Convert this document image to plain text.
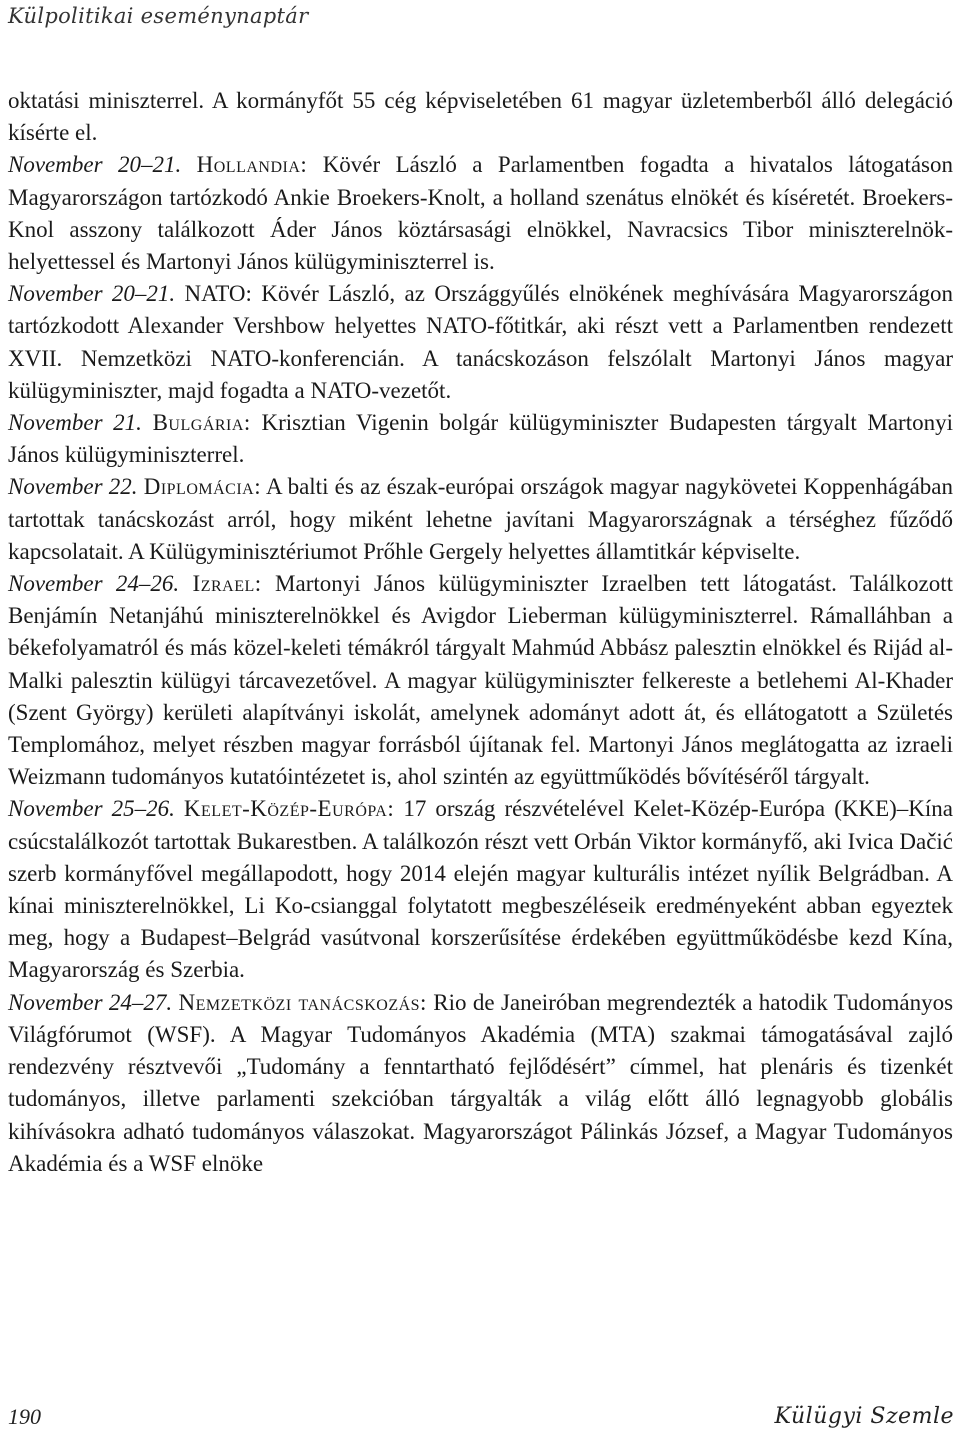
Külpolitikai eseménynaptár

oktatási miniszterrel. A kormányfőt 55 cég képviseletében 61 magyar üzletemberből álló delegáció kísérte el.

November 20–21. Hollandia: Kövér László a Parlamentben fogadta a hivatalos látogatáson Magyarországon tartózkodó Ankie Broekers-Knolt, a holland szenátus elnökét és kíséretét. Broekers-Knol asszony találkozott Áder János köztársasági elnökkel, Navracsics Tibor miniszterelnök-helyettessel és Martonyi János külügyminiszterrel is.

November 20–21. NATO: Kövér László, az Országgyűlés elnökének meghívására Magyarországon tartózkodott Alexander Vershbow helyettes NATO-főtitkár, aki részt vett a Parlamentben rendezett XVII. Nemzetközi NATO-konferencián. A tanácskozáson felszólalt Martonyi János magyar külügyminiszter, majd fogadta a NATO-vezetőt.

November 21. Bulgária: Krisztian Vigenin bolgár külügyminiszter Budapesten tárgyalt Martonyi János külügyminiszterrel.

November 22. Diplomácia: A balti és az észak-európai országok magyar nagykövetei Koppenhágában tartottak tanácskozást arról, hogy miként lehetne javítani Magyarországnak a térséghez fűződő kapcsolatait. A Külügyminisztériumot Prőhle Gergely helyettes államtitkár képviselte.

November 24–26. Izrael: Martonyi János külügyminiszter Izraelben tett látogatást. Találkozott Benjámín Netanjáhú miniszterelnökkel és Avigdor Lieberman külügyminiszterrel. Rámalláhban a békefolyamatról és más közel-keleti témákról tárgyalt Mahmúd Abbász palesztin elnökkel és Rijád al-Malki palesztin külügyi tárcavezetővel. A magyar külügyminiszter felkereste a betlehemi Al-Khader (Szent György) kerületi alapítványi iskolát, amelynek adományt adott át, és ellátogatott a Születés Templomához, melyet részben magyar forrásból újítanak fel. Martonyi János meglátogatta az izraeli Weizmann tudományos kutatóintézetet is, ahol szintén az együttműködés bővítéséről tárgyalt.

November 25–26. Kelet-Közép-Európa: 17 ország részvételével Kelet-Közép-Európa (KKE)–Kína csúcstalálkozót tartottak Bukarestben. A találkozón részt vett Orbán Viktor kormányfő, aki Ivica Dačić szerb kormányfővel megállapodott, hogy 2014 elején magyar kulturális intézet nyílik Belgrádban. A kínai miniszterelnökkel, Li Ko-csianggal folytatott megbeszéléseik eredményeként abban egyeztek meg, hogy a Budapest–Belgrád vasútvonal korszerűsítése érdekében együttműködésbe kezd Kína, Magyarország és Szerbia.

November 24–27. Nemzetközi tanácskozás: Rio de Janeiróban megrendezték a hatodik Tudományos Világfórumot (WSF). A Magyar Tudományos Akadémia (MTA) szakmai támogatásával zajló rendezvény résztvevői „Tudomány a fenntartható fejlődésért” címmel, hat plenáris és tizenkét tudományos, illetve parlamenti szekcióban tárgyalták a világ előtt álló legnagyobb globális kihívásokra adható tudományos válaszokat. Magyarországot Pálinkás József, a Magyar Tudományos Akadémia és a WSF elnöke

190	Külügyi Szemle
